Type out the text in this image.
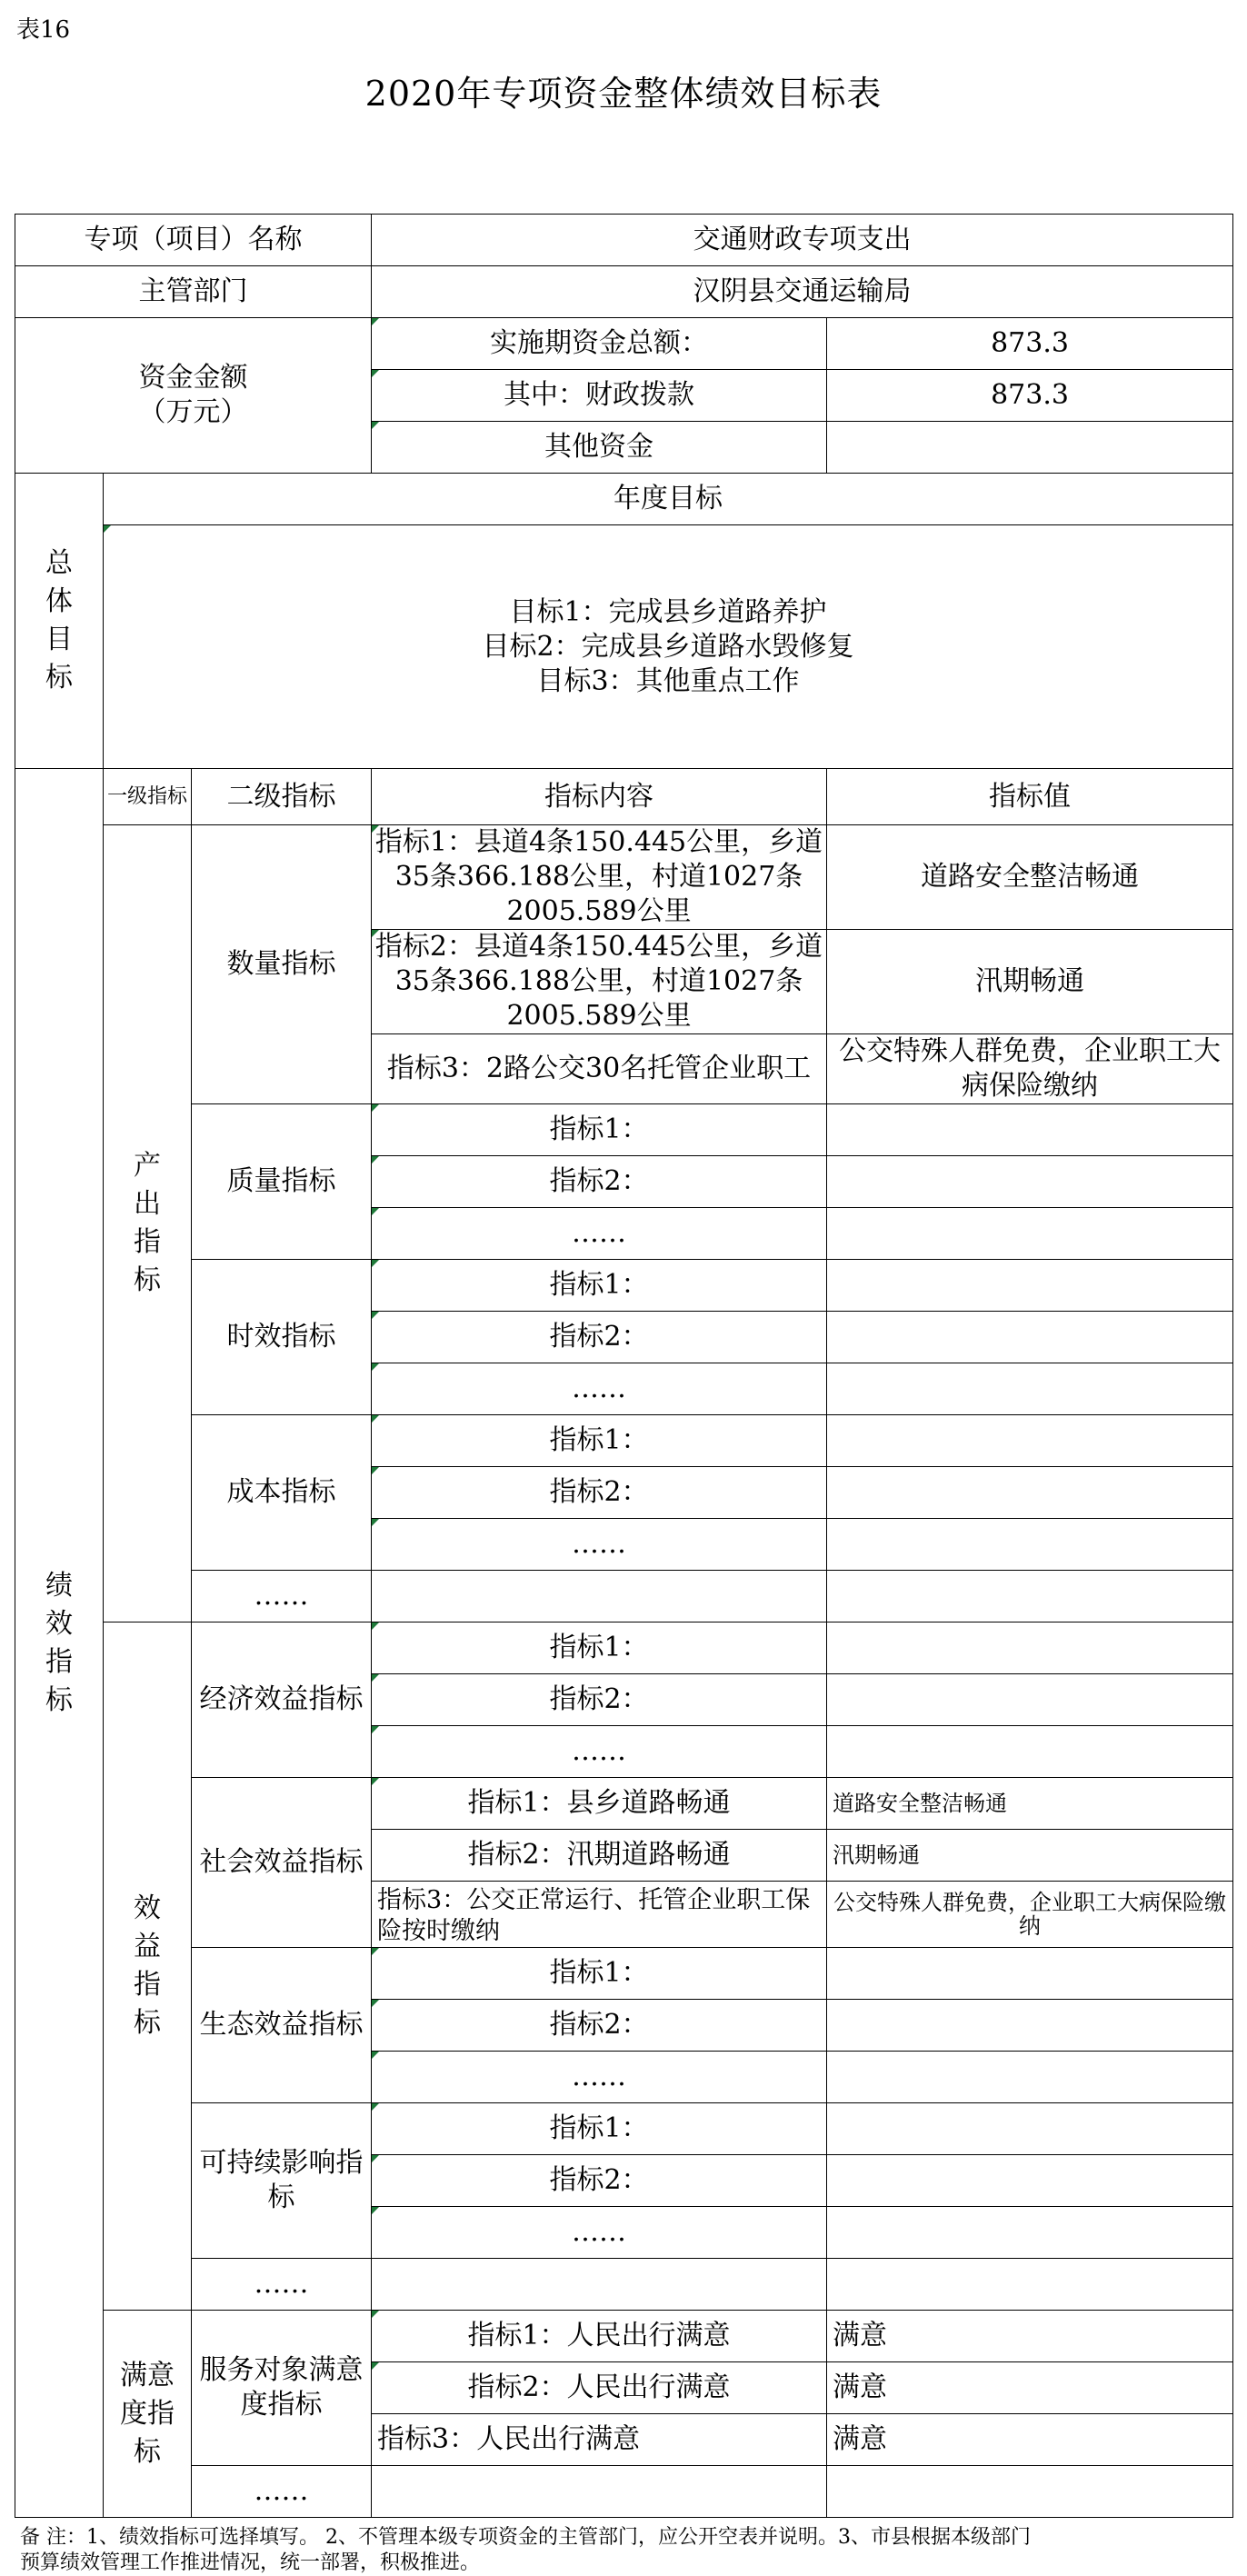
表16
2020年专项资金整体绩效目标表
专项（项目）名称			交通财政专项支出	
主管部门			汉阴县交通运输局	
资金金额
（万元）			实施期资金总额：	873.3
			其中：财政拨款	873.3
			其他资金	
总体目标	年度目标			

	目标1：完成县乡道路养护
目标2：完成县乡道路水毁修复
目标3：其他重点工作			

绩效指标	一级指标	二级指标	指标内容	指标值
	产出指标	数量指标	指标1：县道4条150.445公里，乡道35条366.188公里，村道1027条2005.589公里	道路安全整洁畅通
			指标2：县道4条150.445公里，乡道35条366.188公里，村道1027条2005.589公里	汛期畅通
			指标3：2路公交30名托管企业职工	公交特殊人群免费，企业职工大病保险缴纳
		质量指标	指标1：	
			指标2：	
			……	
		时效指标	指标1：	
			指标2：	
			……	
		成本指标	指标1：	
			指标2：	
			……	
		……		
	效益指标	经济效益指标	指标1：	
			指标2：	
			……	
		社会效益指标	指标1：县乡道路畅通	道路安全整洁畅通
			指标2：汛期道路畅通	汛期畅通
			指标3：公交正常运行、托管企业职工保险按时缴纳	公交特殊人群免费，企业职工大病保险缴纳
		生态效益指标	指标1：	
			指标2：	
			……	
		可持续影响指标	指标1：	
			指标2：	
			……	
		……		
	满意度指标	服务对象满意度指标	指标1：人民出行满意	满意
			指标2：人民出行满意	满意
			指标3：人民出行满意	满意
		……		
备 注：1、绩效指标可选择填写。 2、不管理本级专项资金的主管部门，应公开空表并说明。3、市县根据本级部门
预算绩效管理工作推进情况，统一部署，积极推进。
